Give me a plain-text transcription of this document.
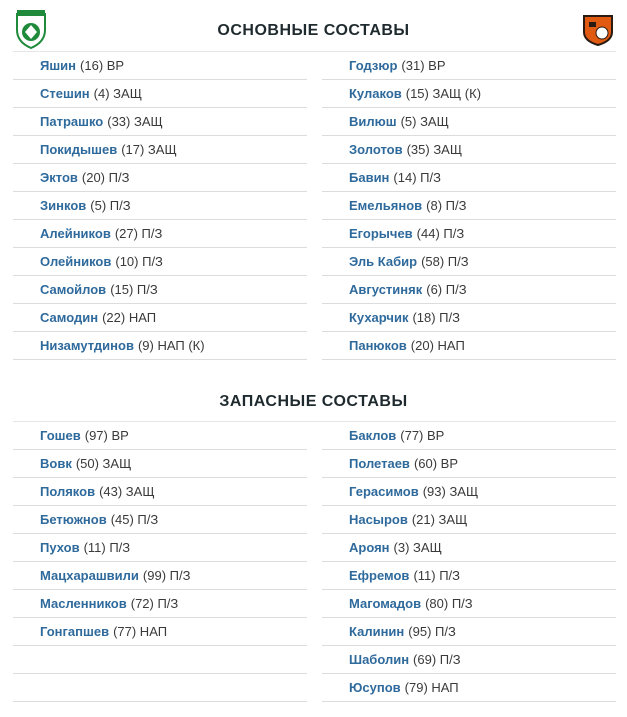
ОСНОВНЫЕ СОСТАВЫ
Яшин (16) ВР
Стешин (4) ЗАЩ
Патрашко (33) ЗАЩ
Покидышев (17) ЗАЩ
Эктов (20) П/З
Зинков (5) П/З
Алейников (27) П/З
Олейников (10) П/З
Самойлов (15) П/З
Самодин (22) НАП
Низамутдинов (9) НАП (К)
Годзюр (31) ВР
Кулаков (15) ЗАЩ (К)
Вилюш (5) ЗАЩ
Золотов (35) ЗАЩ
Бавин (14) П/З
Емельянов (8) П/З
Егорычев (44) П/З
Эль Кабир (58) П/З
Августиняк (6) П/З
Кухарчик (18) П/З
Панюков (20) НАП
ЗАПАСНЫЕ СОСТАВЫ
Гошев (97) ВР
Вовк (50) ЗАЩ
Поляков (43) ЗАЩ
Бетюжнов (45) П/З
Пухов (11) П/З
Мацхарашвили (99) П/З
Масленников (72) П/З
Гонгапшев (77) НАП
Баклов (77) ВР
Полетаев (60) ВР
Герасимов (93) ЗАЩ
Насыров (21) ЗАЩ
Ароян (3) ЗАЩ
Ефремов (11) П/З
Магомадов (80) П/З
Калинин (95) П/З
Шаболин (69) П/З
Юсупов (79) НАП
